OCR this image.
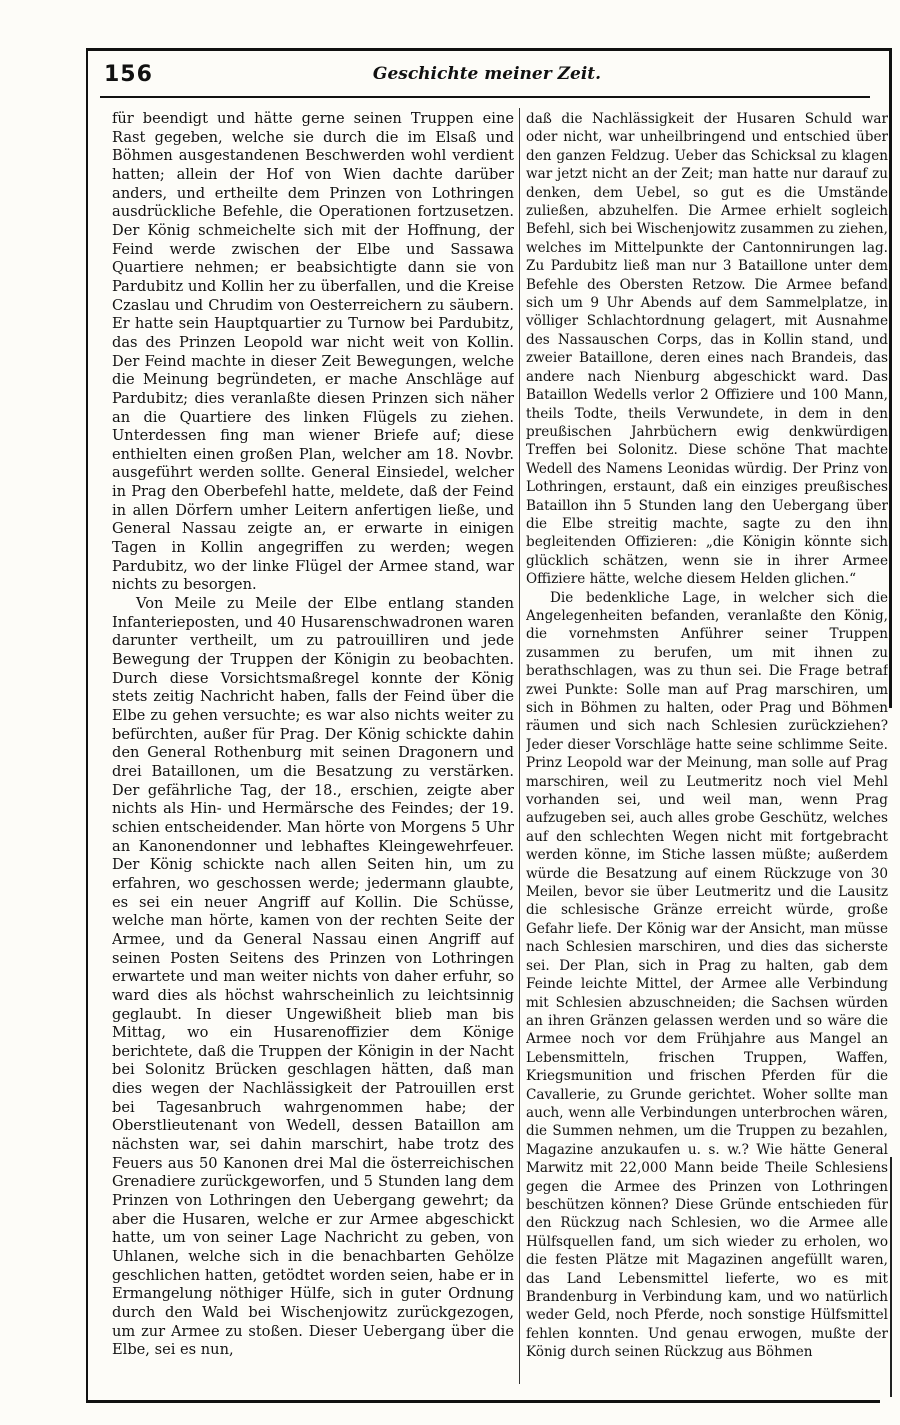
156	Geschichte meiner Zeit.

für beendigt und hätte gerne seinen Truppen eine Rast gegeben, welche sie durch die im Elsaß und Böhmen ausgestandenen Beschwerden wohl verdient hatten; allein der Hof von Wien dachte darüber anders, und ertheilte dem Prinzen von Lothringen ausdrückliche Befehle, die Operationen fortzusetzen. Der König schmeichelte sich mit der Hoffnung, der Feind werde zwischen der Elbe und Sassawa Quartiere nehmen; er beabsichtigte dann sie von Pardubitz und Kollin her zu überfallen, und die Kreise Czaslau und Chrudim von Oesterreichern zu säubern. Er hatte sein Hauptquartier zu Turnow bei Pardubitz, das des Prinzen Leopold war nicht weit von Kollin. Der Feind machte in dieser Zeit Bewegungen, welche die Meinung begründeten, er mache Anschläge auf Pardubitz; dies veranlaßte diesen Prinzen sich näher an die Quartiere des linken Flügels zu ziehen. Unterdessen fing man wiener Briefe auf; diese enthielten einen großen Plan, welcher am 18. Novbr. ausgeführt werden sollte. General Einsiedel, welcher in Prag den Oberbefehl hatte, meldete, daß der Feind in allen Dörfern umher Leitern anfertigen ließe, und General Nassau zeigte an, er erwarte in einigen Tagen in Kollin angegriffen zu werden; wegen Pardubitz, wo der linke Flügel der Armee stand, war nichts zu besorgen.

Von Meile zu Meile der Elbe entlang standen Infanterieposten, und 40 Husarenschwadronen waren darunter vertheilt, um zu patrouilliren und jede Bewegung der Truppen der Königin zu beobachten. Durch diese Vorsichtsmaßregel konnte der König stets zeitig Nachricht haben, falls der Feind über die Elbe zu gehen versuchte; es war also nichts weiter zu befürchten, außer für Prag. Der König schickte dahin den General Rothenburg mit seinen Dragonern und drei Bataillonen, um die Besatzung zu verstärken. Der gefährliche Tag, der 18., erschien, zeigte aber nichts als Hin- und Hermärsche des Feindes; der 19. schien entscheidender. Man hörte von Morgens 5 Uhr an Kanonendonner und lebhaftes Kleingewehrfeuer. Der König schickte nach allen Seiten hin, um zu erfahren, wo geschossen werde; jedermann glaubte, es sei ein neuer Angriff auf Kollin. Die Schüsse, welche man hörte, kamen von der rechten Seite der Armee, und da General Nassau einen Angriff auf seinen Posten Seitens des Prinzen von Lothringen erwartete und man weiter nichts von daher erfuhr, so ward dies als höchst wahrscheinlich zu leichtsinnig geglaubt. In dieser Ungewißheit blieb man bis Mittag, wo ein Husarenoffizier dem Könige berichtete, daß die Truppen der Königin in der Nacht bei Solonitz Brücken geschlagen hätten, daß man dies wegen der Nachlässigkeit der Patrouillen erst bei Tagesanbruch wahrgenommen habe; der Oberstlieutenant von Wedell, dessen Bataillon am nächsten war, sei dahin marschirt, habe trotz des Feuers aus 50 Kanonen drei Mal die österreichischen Grenadiere zurückgeworfen, und 5 Stunden lang dem Prinzen von Lothringen den Uebergang gewehrt; da aber die Husaren, welche er zur Armee abgeschickt hatte, um von seiner Lage Nachricht zu geben, von Uhlanen, welche sich in die benachbarten Gehölze geschlichen hatten, getödtet worden seien, habe er in Ermangelung nöthiger Hülfe, sich in guter Ordnung durch den Wald bei Wischenjowitz zurückgezogen, um zur Armee zu stoßen. Dieser Uebergang über die Elbe, sei es nun,

daß die Nachlässigkeit der Husaren Schuld war oder nicht, war unheilbringend und entschied über den ganzen Feldzug. Ueber das Schicksal zu klagen war jetzt nicht an der Zeit; man hatte nur darauf zu denken, dem Uebel, so gut es die Umstände zuließen, abzuhelfen. Die Armee erhielt sogleich Befehl, sich bei Wischenjowitz zusammen zu ziehen, welches im Mittelpunkte der Cantonnirungen lag. Zu Pardubitz ließ man nur 3 Bataillone unter dem Befehle des Obersten Retzow. Die Armee befand sich um 9 Uhr Abends auf dem Sammelplatze, in völliger Schlachtordnung gelagert, mit Ausnahme des Nassauschen Corps, das in Kollin stand, und zweier Bataillone, deren eines nach Brandeis, das andere nach Nienburg abgeschickt ward. Das Bataillon Wedells verlor 2 Offiziere und 100 Mann, theils Todte, theils Verwundete, in dem in den preußischen Jahrbüchern ewig denkwürdigen Treffen bei Solonitz. Diese schöne That machte Wedell des Namens Leonidas würdig. Der Prinz von Lothringen, erstaunt, daß ein einziges preußisches Bataillon ihn 5 Stunden lang den Uebergang über die Elbe streitig machte, sagte zu den ihn begleitenden Offizieren: „die Königin könnte sich glücklich schätzen, wenn sie in ihrer Armee Offiziere hätte, welche diesem Helden glichen.“

Die bedenkliche Lage, in welcher sich die Angelegenheiten befanden, veranlaßte den König, die vornehmsten Anführer seiner Truppen zusammen zu berufen, um mit ihnen zu berathschlagen, was zu thun sei. Die Frage betraf zwei Punkte: Solle man auf Prag marschiren, um sich in Böhmen zu halten, oder Prag und Böhmen räumen und sich nach Schlesien zurückziehen? Jeder dieser Vorschläge hatte seine schlimme Seite. Prinz Leopold war der Meinung, man solle auf Prag marschiren, weil zu Leutmeritz noch viel Mehl vorhanden sei, und weil man, wenn Prag aufzugeben sei, auch alles grobe Geschütz, welches auf den schlechten Wegen nicht mit fortgebracht werden könne, im Stiche lassen müßte; außerdem würde die Besatzung auf einem Rückzuge von 30 Meilen, bevor sie über Leutmeritz und die Lausitz die schlesische Gränze erreicht würde, große Gefahr liefe. Der König war der Ansicht, man müsse nach Schlesien marschiren, und dies das sicherste sei. Der Plan, sich in Prag zu halten, gab dem Feinde leichte Mittel, der Armee alle Verbindung mit Schlesien abzuschneiden; die Sachsen würden an ihren Gränzen gelassen werden und so wäre die Armee noch vor dem Frühjahre aus Mangel an Lebensmitteln, frischen Truppen, Waffen, Kriegsmunition und frischen Pferden für die Cavallerie, zu Grunde gerichtet. Woher sollte man auch, wenn alle Verbindungen unterbrochen wären, die Summen nehmen, um die Truppen zu bezahlen, Magazine anzukaufen u. s. w.? Wie hätte General Marwitz mit 22,000 Mann beide Theile Schlesiens gegen die Armee des Prinzen von Lothringen beschützen können? Diese Gründe entschieden für den Rückzug nach Schlesien, wo die Armee alle Hülfsquellen fand, um sich wieder zu erholen, wo die festen Plätze mit Magazinen angefüllt waren, das Land Lebensmittel lieferte, wo es mit Brandenburg in Verbindung kam, und wo natürlich weder Geld, noch Pferde, noch sonstige Hülfsmittel fehlen konnten. Und genau erwogen, mußte der König durch seinen Rückzug aus Böhmen
